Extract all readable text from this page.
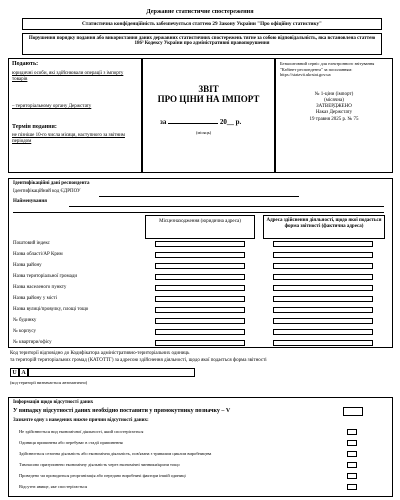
Державне статистичне спостереження
Статистична конфіденційність забезпечується статтею 29 Закону України "Про офіційну статистику"
Порушення порядку подання або використання даних державних статистичних спостережень тягне за собою відповідальність, яка встановлена статтею 186³ Кодексу України про адміністративні правопорушення
Подають:
юридичні особи, які здійснювали операції з імпорту товарів
– територіальному органу Держстату
Термін подання:
не пізніше 10-го числа місяця, наступного за звітним періодом
ЗВІТ
ПРО ЦІНИ НА ІМПОРТ
за	20__ р.
(місяць)
Безкоштовний сервіс для електронного звітування "Кабінет респондента" за посиланням: https://statzvit.ukrstat.gov.ua
№ 1-ціни (імпорт)
(місячна)
ЗАТВЕРДЖЕНО
Наказ Держстату
19 травня 2025 р. № 75
Ідентифікаційні дані респондента
Ідентифікаційний код ЄДРПОУ
Найменування
Місцезнаходження (юридична адреса)	Адреса здійснення діяльності, щодо якої подається форма звітності (фактична адреса)
Поштовий індекс
Назва області/АР Крим
Назва району
Назва територіальної громади
Назва населеного пункту
Назва району у місті
Назва вулиці/провулку, площі тощо
№ будинку
№ корпусу
№ квартири/офісу
Код території відповідно до Кодифікатора адміністративно-територіальних одиниць
та територій територіальних громад (КАТОТТГ) за адресою здійснення діяльності, щодо якої подається форма звітності
U A
(код території визначається автоматично)
Інформація щодо відсутності даних
У випадку відсутності даних необхідно поставити у прямокутнику позначку – V
Зазначте одну з наведених нижче причин відсутності даних:
Не здійснюється вид економічної діяльності, який спостерігається
Одиниця припинена або перебуває в стадії припинення
Здійснюється сезонна діяльність або економічна діяльність, пов'язана з тривалим циклом виробництва
Тимчасово призупинено економічну діяльність через економічні чинники/кризи тощо
Проведено чи проводиться реорганізація або передано виробничі фактори іншій одиниці
Відсутнє явище, яке спостерігається
